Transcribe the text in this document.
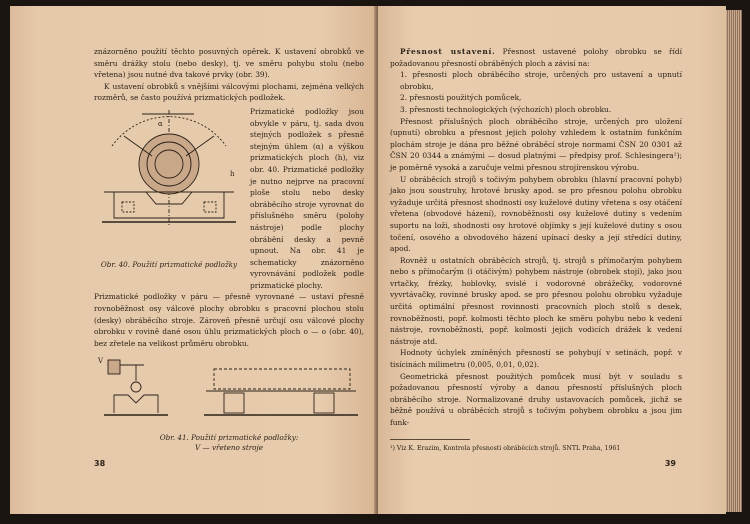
znázorněno použití těchto posuvných opěrek. K ustavení obrobků ve směru drážky stolu (nebo desky), tj. ve směru pohybu stolu (nebo vřetena) jsou nutné dva takové prvky (obr. 39).

K ustavení obrobků s vnějšími válcovými plochami, zejména velkých rozměrů, se často používá prizmatických podložek.

α
h
Obr. 40. Použití prizmatické podložky

Prizmatické podložky jsou obvykle v páru, tj. sada dvou stejných podložek s přesně stejným úhlem (α) a výškou prizmatických ploch (h), viz obr. 40. Prizmatické podložky je nutno nejprve na pracovní ploše stolu nebo desky obráběcího stroje vyrovnat do příslušného směru (polohy nástroje) podle plochy obrábění desky a pevně upnout. Na obr. 41 je schematicky znázorněno vyrovnávání podložek podle prizmatické plochy.

Prizmatické podložky v páru — přesně vyrovnané — ustaví přesně rovnoběžnost osy válcové plochy obrobku s pracovní plochou stolu (desky) obráběcího stroje. Zároveň přesně určují osu válcové plochy obrobku v rovině dané osou úhlu prizmatických ploch o — o (obr. 40), bez zřetele na velikost průměru obrobku.

V
Obr. 41. Použití prizmatické podložky:
V — vřeteno stroje
38

Přesnost ustavení. Přesnost ustavené polohy obrobku se řídí požadovanou přesností obráběných ploch a závisí na:

1. přesnosti ploch obráběcího stroje, určených pro ustavení a upnutí obrobku,

2. přesnosti použitých pomůcek,

3. přesnosti technologických (výchozích) ploch obrobku.

Přesnost příslušných ploch obráběcího stroje, určených pro uložení (upnutí) obrobku a přesnost jejich polohy vzhledem k ostatním funkčním plochám stroje je dána pro běžné obráběcí stroje normami ČSN 20 0301 až ČSN 20 0344 a známými — dosud platnými — předpisy prof. Schlesingera¹); je poměrně vysoká a zaručuje velmi přesnou strojírenskou výrobu.

U obráběcích strojů s točivým pohybem obrobku (hlavní pracovní pohyb) jako jsou soustruhy, hrotové brusky apod. se pro přesnou polohu obrobku vyžaduje určitá přesnost shodnosti osy kuželové dutiny vřetena s osy otáčení vřetena (obvodové házení), rovnoběžnosti osy kuželové dutiny s vedením suportu na loži, shodnosti osy hrotové objímky s její kuželové dutiny s osou točení, osového a obvodového házení upínací desky a její středící dutiny, apod.

Rovněž u ostatních obráběcích strojů, tj. strojů s přímočarým pohybem nebo s přímočarým (i otáčivým) pohybem nástroje (obrobek stojí), jako jsou vrtačky, frézky, hoblovky, svislé i vodorovné obrážečky, vodorovné vyvrtávačky, rovinné brusky apod. se pro přesnou polohu obrobku vyžaduje určitá optimální přesnost rovinnosti pracovních ploch stolů s desek, rovnoběžnosti, popř. kolmosti těchto ploch ke směru pohybu nebo k vedení nástroje, rovnoběžnosti, popř. kolmosti jejich vodicích drážek k vedení nástroje atd.

Hodnoty úchylek zmíněných přesností se pohybují v setinách, popř. v tisícinách milimetru (0,005, 0,01, 0,02).

Geometrická přesnost použitých pomůcek musí být v souladu s požadovanou přesností výroby a danou přesností příslušných ploch obráběcího stroje. Normalizované druhy ustavovacích pomůcek, jichž se běžně používá u obráběcích strojů s točivým pohybem obrobku a jsou jim funk-

¹) Viz K. Erazim, Kontrola přesnosti obráběcích strojů. SNTL Praha, 1961

39
